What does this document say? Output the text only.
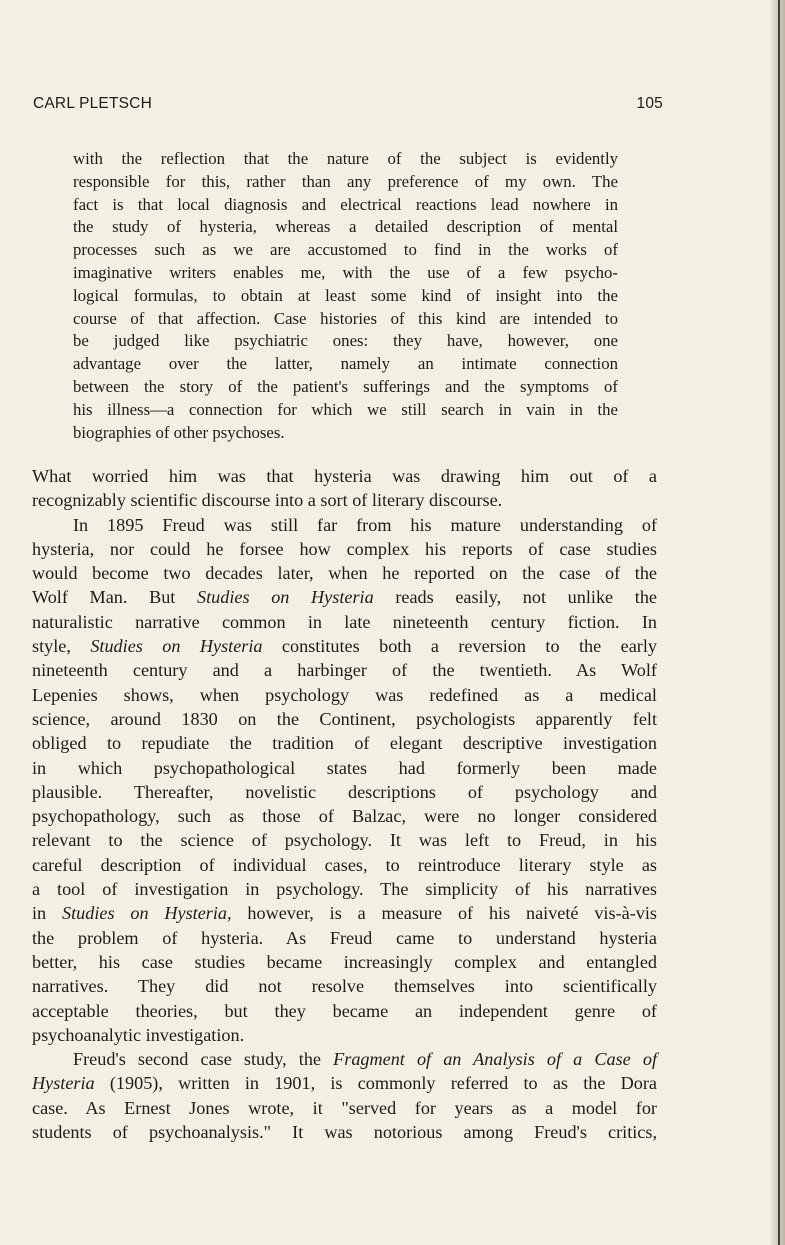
CARL PLETSCH	105

with the reflection that the nature of the subject is evidently

responsible for this, rather than any preference of my own. The

fact is that local diagnosis and electrical reactions lead nowhere in

the study of hysteria, whereas a detailed description of mental

processes such as we are accustomed to find in the works of

imaginative writers enables me, with the use of a few psycho-

logical formulas, to obtain at least some kind of insight into the

course of that affection. Case histories of this kind are intended to

be judged like psychiatric ones: they have, however, one

advantage over the latter, namely an intimate connection

between the story of the patient's sufferings and the symptoms of

his illness—a connection for which we still search in vain in the

biographies of other psychoses.

What worried him was that hysteria was drawing him out of a
recognizably scientific discourse into a sort of literary discourse.
In 1895 Freud was still far from his mature understanding of
hysteria, nor could he forsee how complex his reports of case studies
would become two decades later, when he reported on the case of the
Wolf Man. But Studies on Hysteria reads easily, not unlike the
naturalistic narrative common in late nineteenth century fiction. In
style, Studies on Hysteria constitutes both a reversion to the early
nineteenth century and a harbinger of the twentieth. As Wolf
Lepenies shows, when psychology was redefined as a medical
science, around 1830 on the Continent, psychologists apparently felt
obliged to repudiate the tradition of elegant descriptive investigation
in which psychopathological states had formerly been made
plausible. Thereafter, novelistic descriptions of psychology and
psychopathology, such as those of Balzac, were no longer considered
relevant to the science of psychology. It was left to Freud, in his
careful description of individual cases, to reintroduce literary style as
a tool of investigation in psychology. The simplicity of his narratives
in Studies on Hysteria, however, is a measure of his naiveté vis-à-vis
the problem of hysteria. As Freud came to understand hysteria
better, his case studies became increasingly complex and entangled
narratives. They did not resolve themselves into scientifically
acceptable theories, but they became an independent genre of
psychoanalytic investigation.
Freud's second case study, the Fragment of an Analysis of a Case of
Hysteria (1905), written in 1901, is commonly referred to as the Dora
case. As Ernest Jones wrote, it "served for years as a model for
students of psychoanalysis." It was notorious among Freud's critics,
